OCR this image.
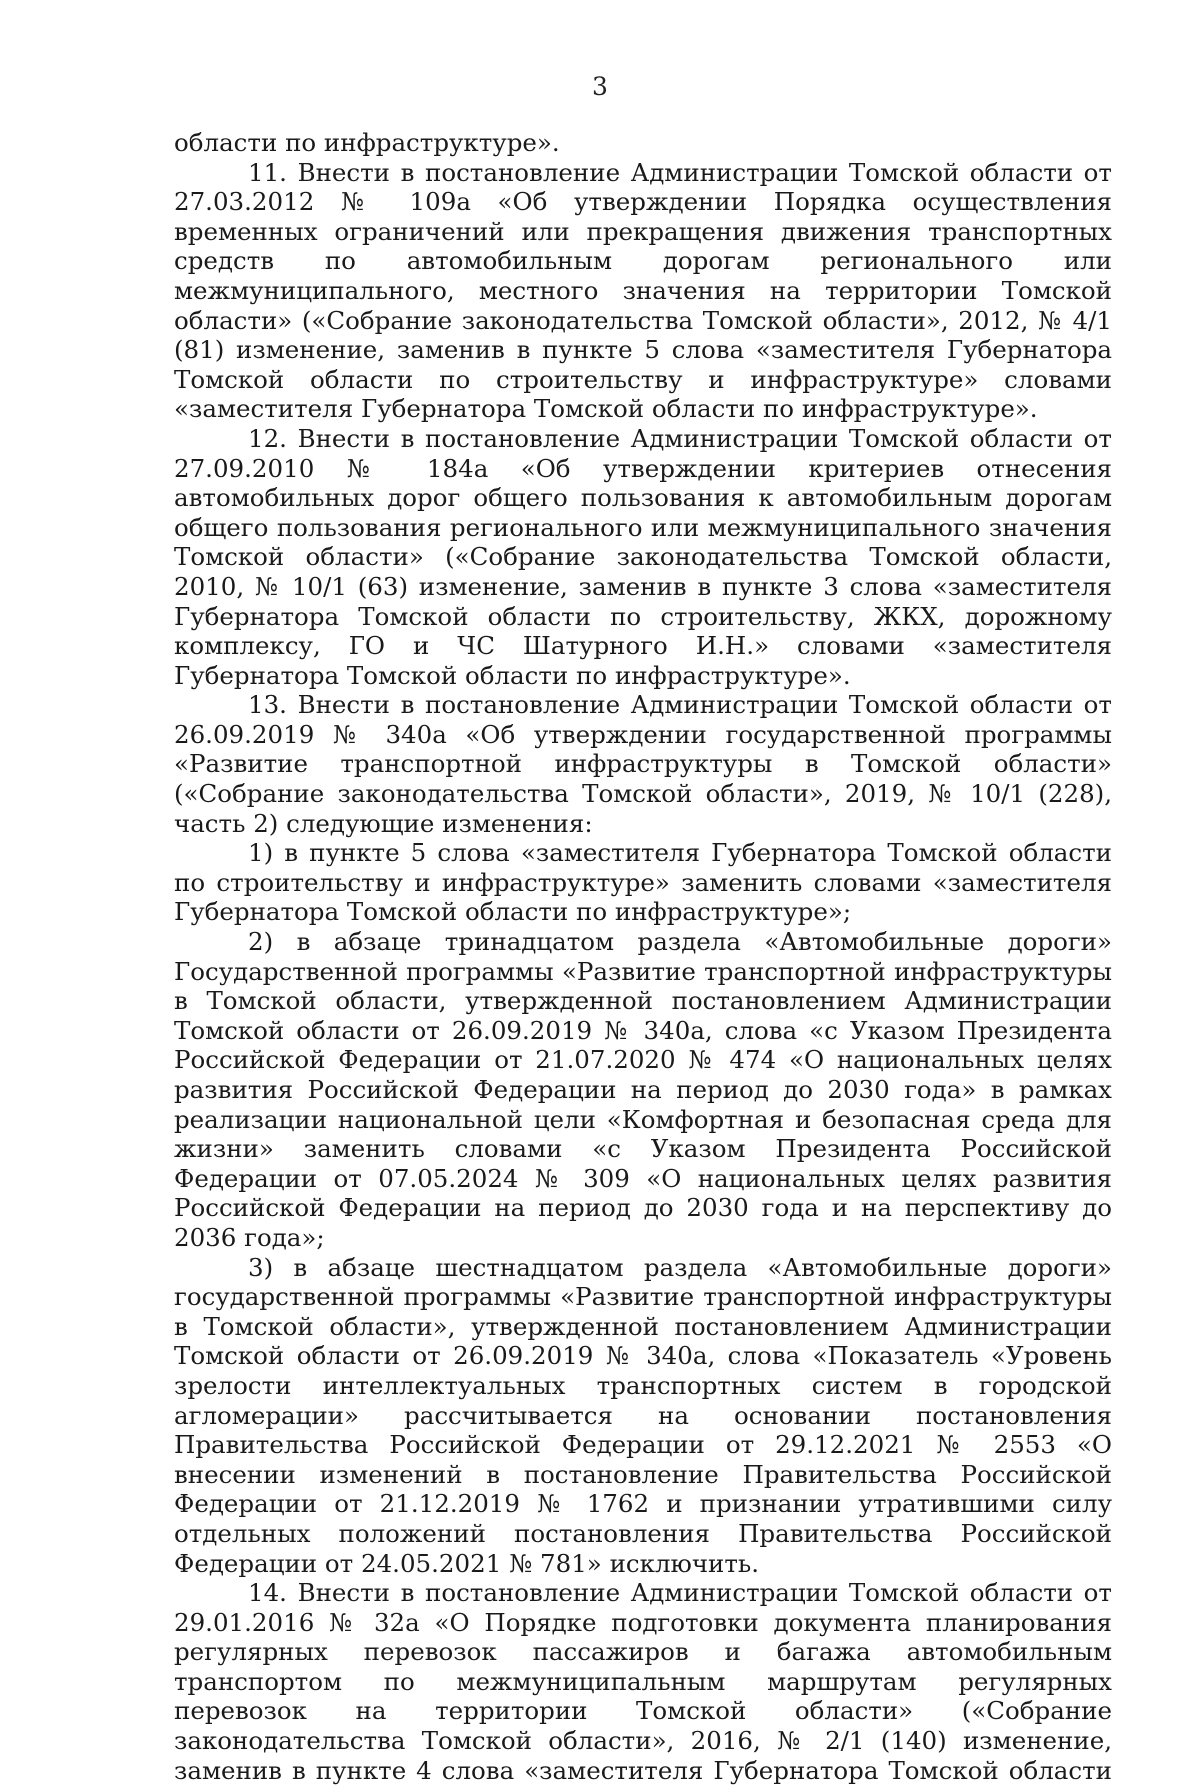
3

области по инфраструктуре».

11. Внести в постановление Администрации Томской области от 27.03.2012 № 109а «Об утверждении Порядка осуществления временных ограничений или прекращения движения транспортных средств по автомобильным дорогам регионального или межмуниципального, местного значения на территории Томской области» («Собрание законодательства Томской области», 2012, № 4/1 (81) изменение, заменив в пункте 5 слова «заместителя Губернатора Томской области по строительству и инфраструктуре» словами «заместителя Губернатора Томской области по инфраструктуре».

12. Внести в постановление Администрации Томской области от 27.09.2010 № 184а «Об утверждении критериев отнесения автомобильных дорог общего пользования к автомобильным дорогам общего пользования регионального или межмуниципального значения Томской области» («Собрание законодательства Томской области, 2010, № 10/1 (63) изменение, заменив в пункте 3 слова «заместителя Губернатора Томской области по строительству, ЖКХ, дорожному комплексу, ГО и ЧС Шатурного И.Н.» словами «заместителя Губернатора Томской области по инфраструктуре».

13. Внести в постановление Администрации Томской области от 26.09.2019 № 340а «Об утверждении государственной программы «Развитие транспортной инфраструктуры в Томской области» («Собрание законодательства Томской области», 2019, № 10/1 (228), часть 2) следующие изменения:

1) в пункте 5 слова «заместителя Губернатора Томской области по строительству и инфраструктуре» заменить словами «заместителя Губернатора Томской области по инфраструктуре»;

2) в абзаце тринадцатом раздела «Автомобильные дороги» Государственной программы «Развитие транспортной инфраструктуры в Томской области, утвержденной постановлением Администрации Томской области от 26.09.2019 № 340а, слова «с Указом Президента Российской Федерации от 21.07.2020 № 474 «О национальных целях развития Российской Федерации на период до 2030 года» в рамках реализации национальной цели «Комфортная и безопасная среда для жизни» заменить словами «с Указом Президента Российской Федерации от 07.05.2024 № 309 «О национальных целях развития Российской Федерации на период до 2030 года и на перспективу до 2036 года»;

3) в абзаце шестнадцатом раздела «Автомобильные дороги» государственной программы «Развитие транспортной инфраструктуры в Томской области», утвержденной постановлением Администрации Томской области от 26.09.2019 № 340а, слова «Показатель «Уровень зрелости интеллектуальных транспортных систем в городской агломерации» рассчитывается на основании постановления Правительства Российской Федерации от 29.12.2021 № 2553 «О внесении изменений в постановление Правительства Российской Федерации от 21.12.2019 № 1762 и признании утратившими силу отдельных положений постановления Правительства Российской Федерации от 24.05.2021 № 781» исключить.

14. Внести в постановление Администрации Томской области от 29.01.2016 № 32а «О Порядке подготовки документа планирования регулярных перевозок пассажиров и багажа автомобильным транспортом по межмуниципальным маршрутам регулярных перевозок на территории Томской области» («Собрание законодательства Томской области», 2016, № 2/1 (140) изменение, заменив в пункте 4 слова «заместителя Губернатора Томской области
